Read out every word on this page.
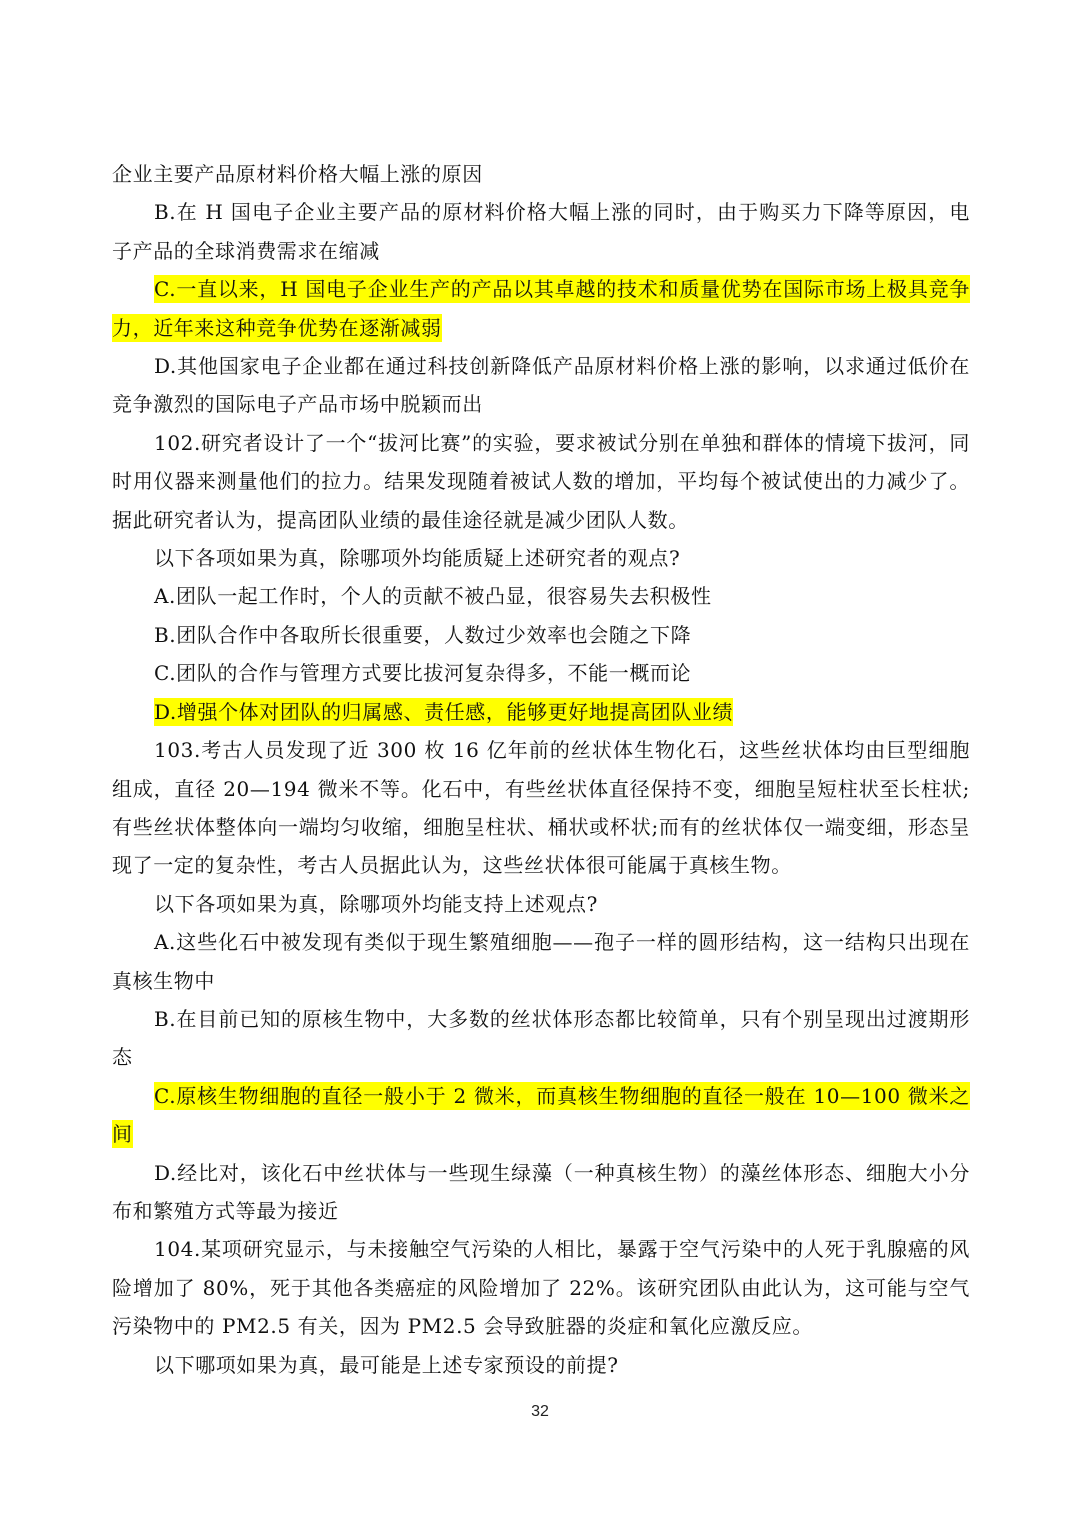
企业主要产品原材料价格大幅上涨的原因

B.在 H 国电子企业主要产品的原材料价格大幅上涨的同时，由于购买力下降等原因，电子产品的全球消费需求在缩减

C.一直以来，H 国电子企业生产的产品以其卓越的技术和质量优势在国际市场上极具竞争力，近年来这种竞争优势在逐渐减弱

D.其他国家电子企业都在通过科技创新降低产品原材料价格上涨的影响，以求通过低价在竞争激烈的国际电子产品市场中脱颖而出

102.研究者设计了一个“拔河比赛”的实验，要求被试分别在单独和群体的情境下拔河，同时用仪器来测量他们的拉力。结果发现随着被试人数的增加，平均每个被试使出的力减少了。据此研究者认为，提高团队业绩的最佳途径就是减少团队人数。

以下各项如果为真，除哪项外均能质疑上述研究者的观点?

A.团队一起工作时，个人的贡献不被凸显，很容易失去积极性

B.团队合作中各取所长很重要，人数过少效率也会随之下降

C.团队的合作与管理方式要比拔河复杂得多，不能一概而论

D.增强个体对团队的归属感、责任感，能够更好地提高团队业绩

103.考古人员发现了近 300 枚 16 亿年前的丝状体生物化石，这些丝状体均由巨型细胞组成，直径 20—194 微米不等。化石中，有些丝状体直径保持不变，细胞呈短柱状至长柱状;有些丝状体整体向一端均匀收缩，细胞呈柱状、桶状或杯状;而有的丝状体仅一端变细，形态呈现了一定的复杂性，考古人员据此认为，这些丝状体很可能属于真核生物。

以下各项如果为真，除哪项外均能支持上述观点?

A.这些化石中被发现有类似于现生繁殖细胞——孢子一样的圆形结构，这一结构只出现在真核生物中

B.在目前已知的原核生物中，大多数的丝状体形态都比较简单，只有个别呈现出过渡期形态

C.原核生物细胞的直径一般小于 2 微米，而真核生物细胞的直径一般在 10—100 微米之间

D.经比对，该化石中丝状体与一些现生绿藻（一种真核生物）的藻丝体形态、细胞大小分布和繁殖方式等最为接近

104.某项研究显示，与未接触空气污染的人相比，暴露于空气污染中的人死于乳腺癌的风险增加了 80%，死于其他各类癌症的风险增加了 22%。该研究团队由此认为，这可能与空气污染物中的 PM2.5 有关，因为 PM2.5 会导致脏器的炎症和氧化应激反应。

以下哪项如果为真，最可能是上述专家预设的前提?

32
